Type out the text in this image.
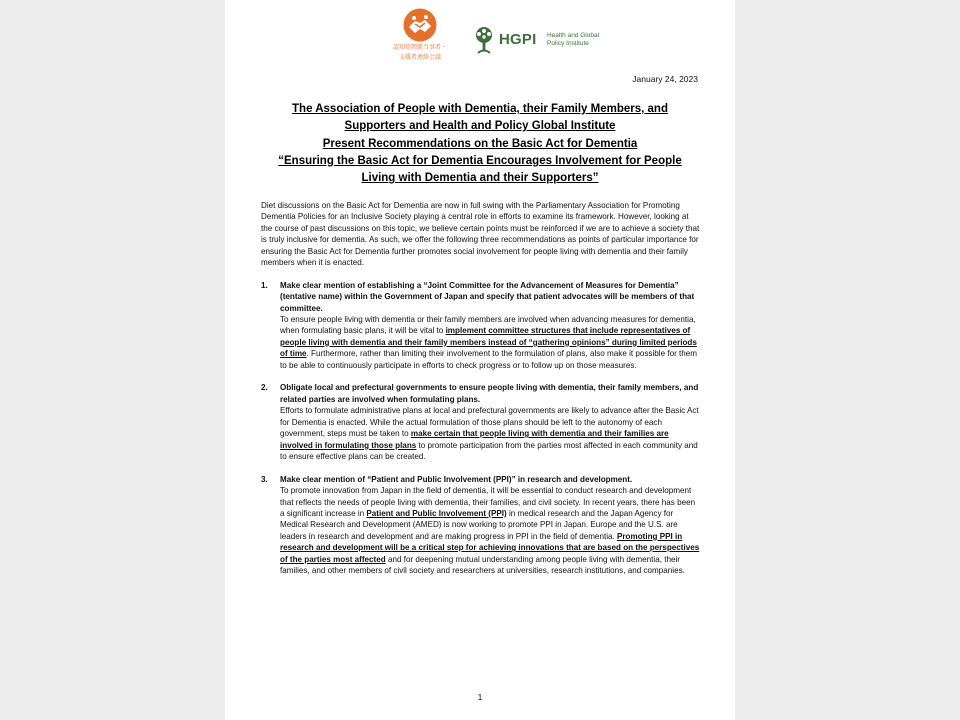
認知症関係当事者・
支援者連絡会議
HGPI Health and Global
Policy Institute
January 24, 2023
The Association of People with Dementia, their Family Members, and
Supporters and Health and Policy Global Institute
Present Recommendations on the Basic Act for Dementia
“Ensuring the Basic Act for Dementia Encourages Involvement for People
Living with Dementia and their Supporters”

Diet discussions on the Basic Act for Dementia are now in full swing with the Parliamentary Association for Promoting Dementia Policies for an Inclusive Society playing a central role in efforts to examine its framework. However, looking at the course of past discussions on this topic, we believe certain points must be reinforced if we are to achieve a society that is truly inclusive for dementia. As such, we offer the following three recommendations as points of particular importance for ensuring the Basic Act for Dementia further promotes social involvement for people living with dementia and their family members when it is enacted.

1. Make clear mention of establishing a “Joint Committee for the Advancement of Measures for Dementia” (tentative name) within the Government of Japan and specify that patient advocates will be members of that committee.
To ensure people living with dementia or their family members are involved when advancing measures for dementia, when formulating basic plans, it will be vital to implement committee structures that include representatives of people living with dementia and their family members instead of “gathering opinions” during limited periods of time. Furthermore, rather than limiting their involvement to the formulation of plans, also make it possible for them to be able to continuously participate in efforts to check progress or to follow up on those measures.
2. Obligate local and prefectural governments to ensure people living with dementia, their family members, and related parties are involved when formulating plans.
Efforts to formulate administrative plans at local and prefectural governments are likely to advance after the Basic Act for Dementia is enacted. While the actual formulation of those plans should be left to the autonomy of each government, steps must be taken to make certain that people living with dementia and their families are involved in formulating those plans to promote participation from the parties most affected in each community and to ensure effective plans can be created.
3. Make clear mention of “Patient and Public Involvement (PPI)” in research and development.
To promote innovation from Japan in the field of dementia, it will be essential to conduct research and development that reflects the needs of people living with dementia, their families, and civil society. In recent years, there has been a significant increase in Patient and Public Involvement (PPI) in medical research and the Japan Agency for Medical Research and Development (AMED) is now working to promote PPI in Japan. Europe and the U.S. are leaders in research and development and are making progress in PPI in the field of dementia. Promoting PPI in research and development will be a critical step for achieving innovations that are based on the perspectives of the parties most affected and for deepening mutual understanding among people living with dementia, their families, and other members of civil society and researchers at universities, research institutions, and companies.
1
